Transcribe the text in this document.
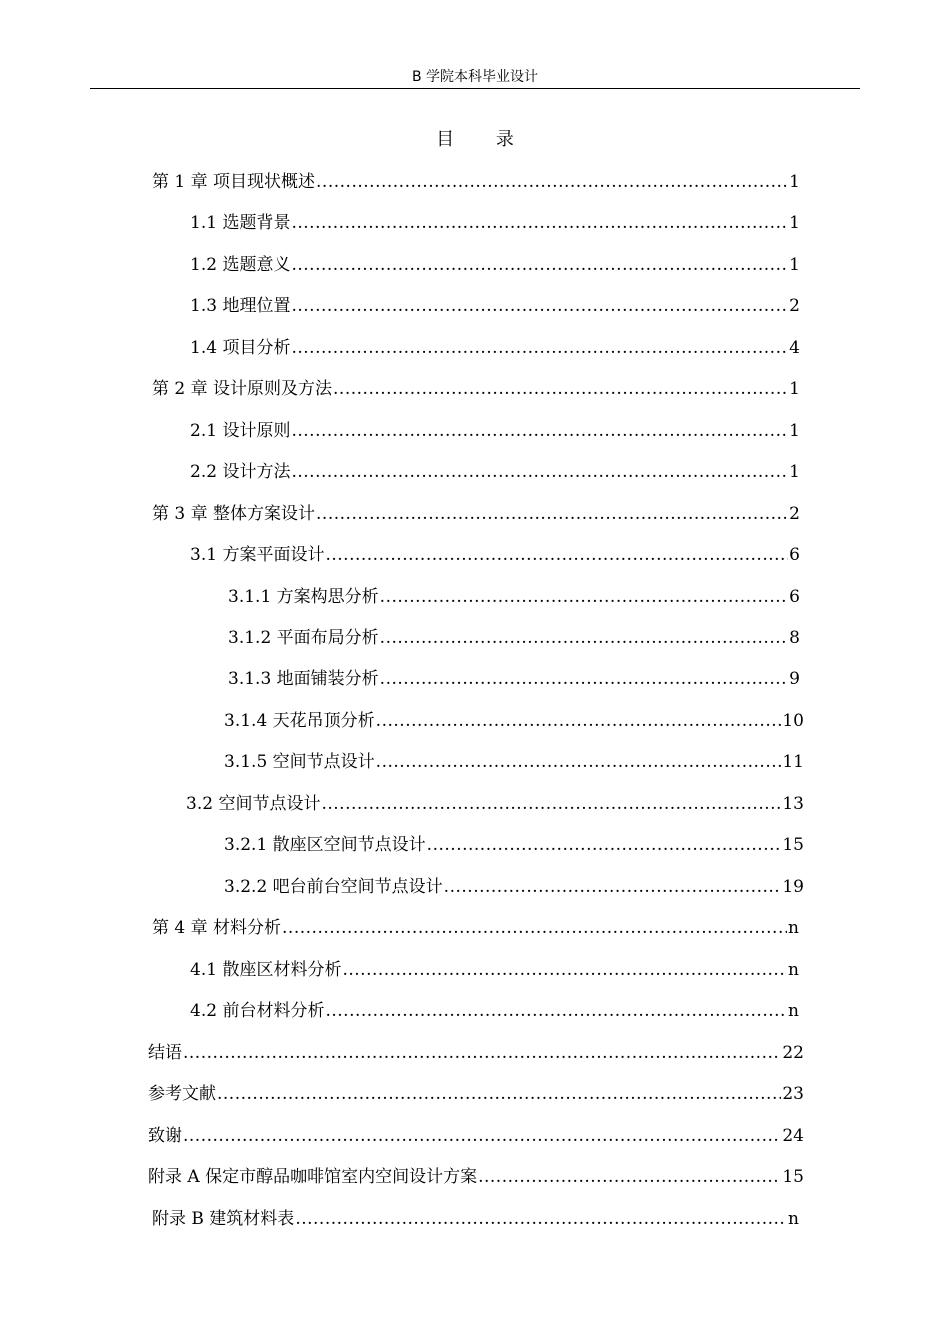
B 学院本科毕业设计
目 录
第 1 章 项目现状概述 .....	1
1.1 选题背景 .....	1
1.2 选题意义 .....	1
1.3 地理位置 .....	2
1.4 项目分析 .....	4
第 2 章 设计原则及方法 .....	1
2.1 设计原则 .....	1
2.2 设计方法 .....	1
第 3 章 整体方案设计 .....	2
3.1 方案平面设计 .....	6
3.1.1 方案构思分析 .....	6
3.1.2 平面布局分析 .....	8
3.1.3 地面铺装分析 .....	9
3.1.4 天花吊顶分析 .....	10
3.1.5 空间节点设计 .....	11
3.2 空间节点设计 .....	13
3.2.1 散座区空间节点设计 .....	15
3.2.2 吧台前台空间节点设计 .....	19
第 4 章 材料分析 .....	n
4.1 散座区材料分析 .....	n
4.2 前台材料分析 .....	n
结语 .....	22
参考文献 .....	23
致谢 .....	24
附录 A 保定市醇品咖啡馆室内空间设计方案 .....	15
附录 B 建筑材料表 .....	n
